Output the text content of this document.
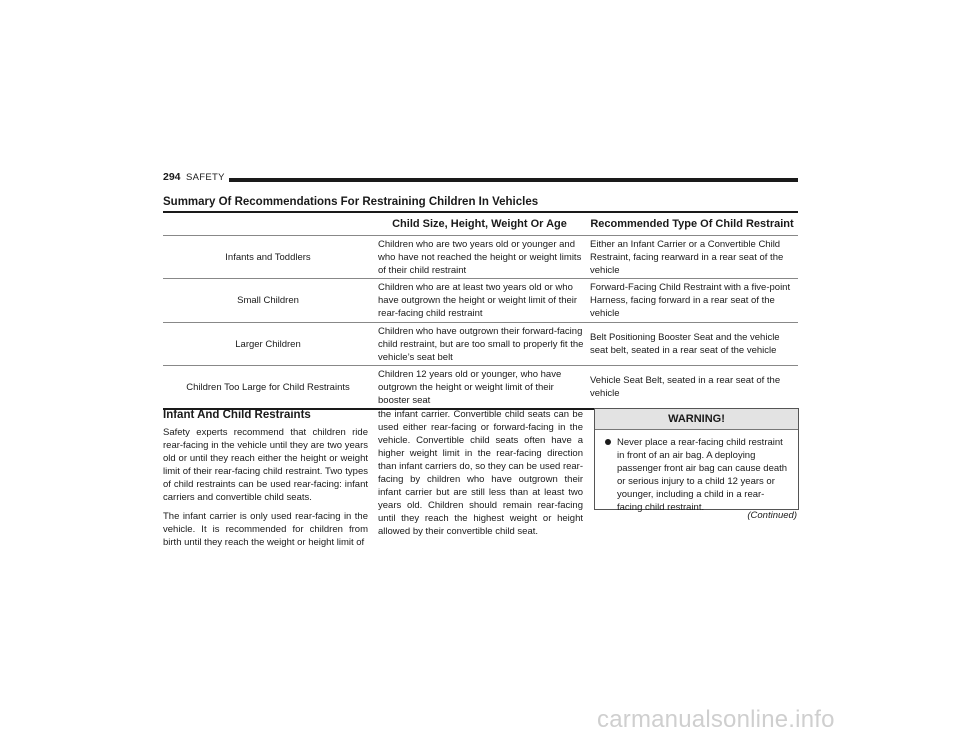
294 SAFETY
Summary Of Recommendations For Restraining Children In Vehicles
Child Size, Height, Weight Or Age	Recommended Type Of Child Restraint
Infants and Toddlers
Children who are two years old or younger and who have not reached the height or weight limits of their child restraint
Either an Infant Carrier or a Convertible Child Restraint, facing rearward in a rear seat of the vehicle
Small Children
Children who are at least two years old or who have outgrown the height or weight limit of their rear-facing child restraint
Forward-Facing Child Restraint with a five-point Harness, facing forward in a rear seat of the vehicle
Larger Children
Children who have outgrown their forward-facing child restraint, but are too small to properly fit the vehicle’s seat belt
Belt Positioning Booster Seat and the vehicle seat belt, seated in a rear seat of the vehicle
Children Too Large for Child Restraints
Children 12 years old or younger, who have outgrown the height or weight limit of their booster seat
Vehicle Seat Belt, seated in a rear seat of the vehicle
Infant And Child Restraints

Safety experts recommend that children ride rear-facing in the vehicle until they are two years old or until they reach either the height or weight limit of their rear-facing child restraint. Two types of child restraints can be used rear-facing: infant carriers and convertible child seats.

The infant carrier is only used rear-facing in the vehicle. It is recommended for children from birth until they reach the weight or height limit of

the infant carrier. Convertible child seats can be used either rear-facing or forward-facing in the vehicle. Convertible child seats often have a higher weight limit in the rear-facing direction than infant carriers do, so they can be used rear-facing by children who have outgrown their infant carrier but are still less than at least two years old. Children should remain rear-facing until they reach the highest weight or height allowed by their convertible child seat.

WARNING!
Never place a rear-facing child restraint in front of an air bag. A deploying passenger front air bag can cause death or serious injury to a child 12 years or younger, including a child in a rear-facing child restraint.
(Continued)
carmanualsonline.info
